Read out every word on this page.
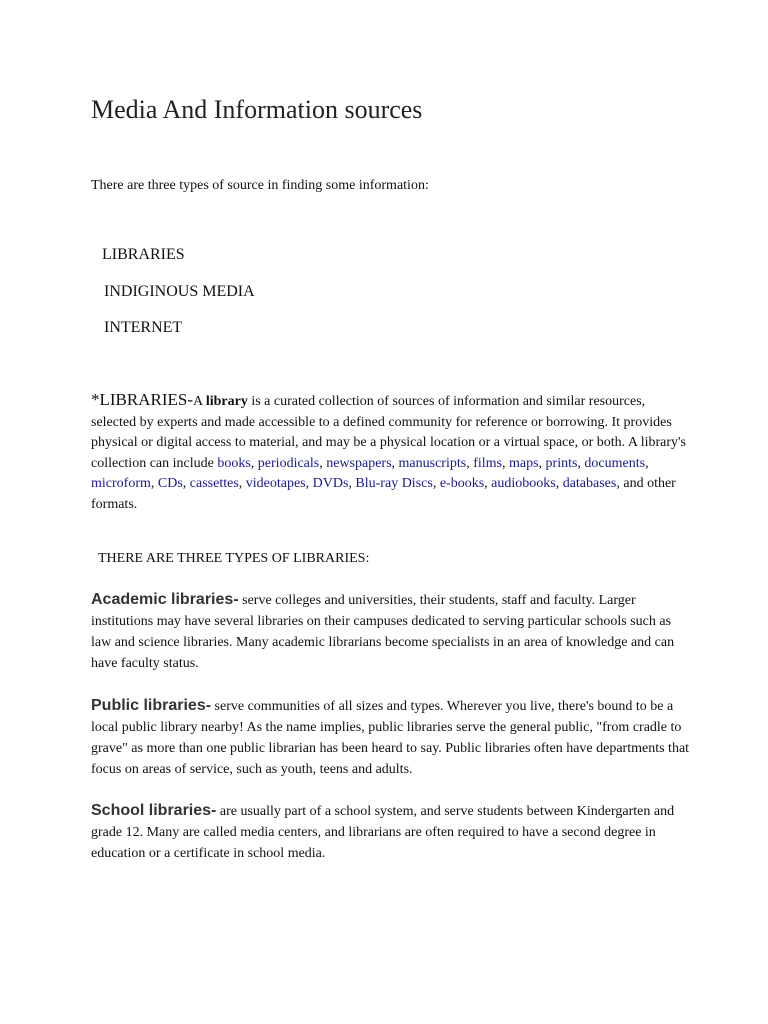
Media And Information sources
There are three types of source in finding some information:
LIBRARIES
INDIGINOUS MEDIA
INTERNET

*LIBRARIES-A library is a curated collection of sources of information and similar resources, selected by experts and made accessible to a defined community for reference or borrowing. It provides physical or digital access to material, and may be a physical location or a virtual space, or both. A library's collection can include books, periodicals, newspapers, manuscripts, films, maps, prints, documents, microform, CDs, cassettes, videotapes, DVDs, Blu-ray Discs, e-books, audiobooks, databases, and other formats.

THERE ARE THREE TYPES OF LIBRARIES:

Academic libraries- serve colleges and universities, their students, staff and faculty. Larger institutions may have several libraries on their campuses dedicated to serving particular schools such as law and science libraries. Many academic librarians become specialists in an area of knowledge and can have faculty status.

Public libraries- serve communities of all sizes and types. Wherever you live, there's bound to be a local public library nearby! As the name implies, public libraries serve the general public, "from cradle to grave" as more than one public librarian has been heard to say. Public libraries often have departments that focus on areas of service, such as youth, teens and adults.

School libraries- are usually part of a school system, and serve students between Kindergarten and grade 12. Many are called media centers, and librarians are often required to have a second degree in education or a certificate in school media.
